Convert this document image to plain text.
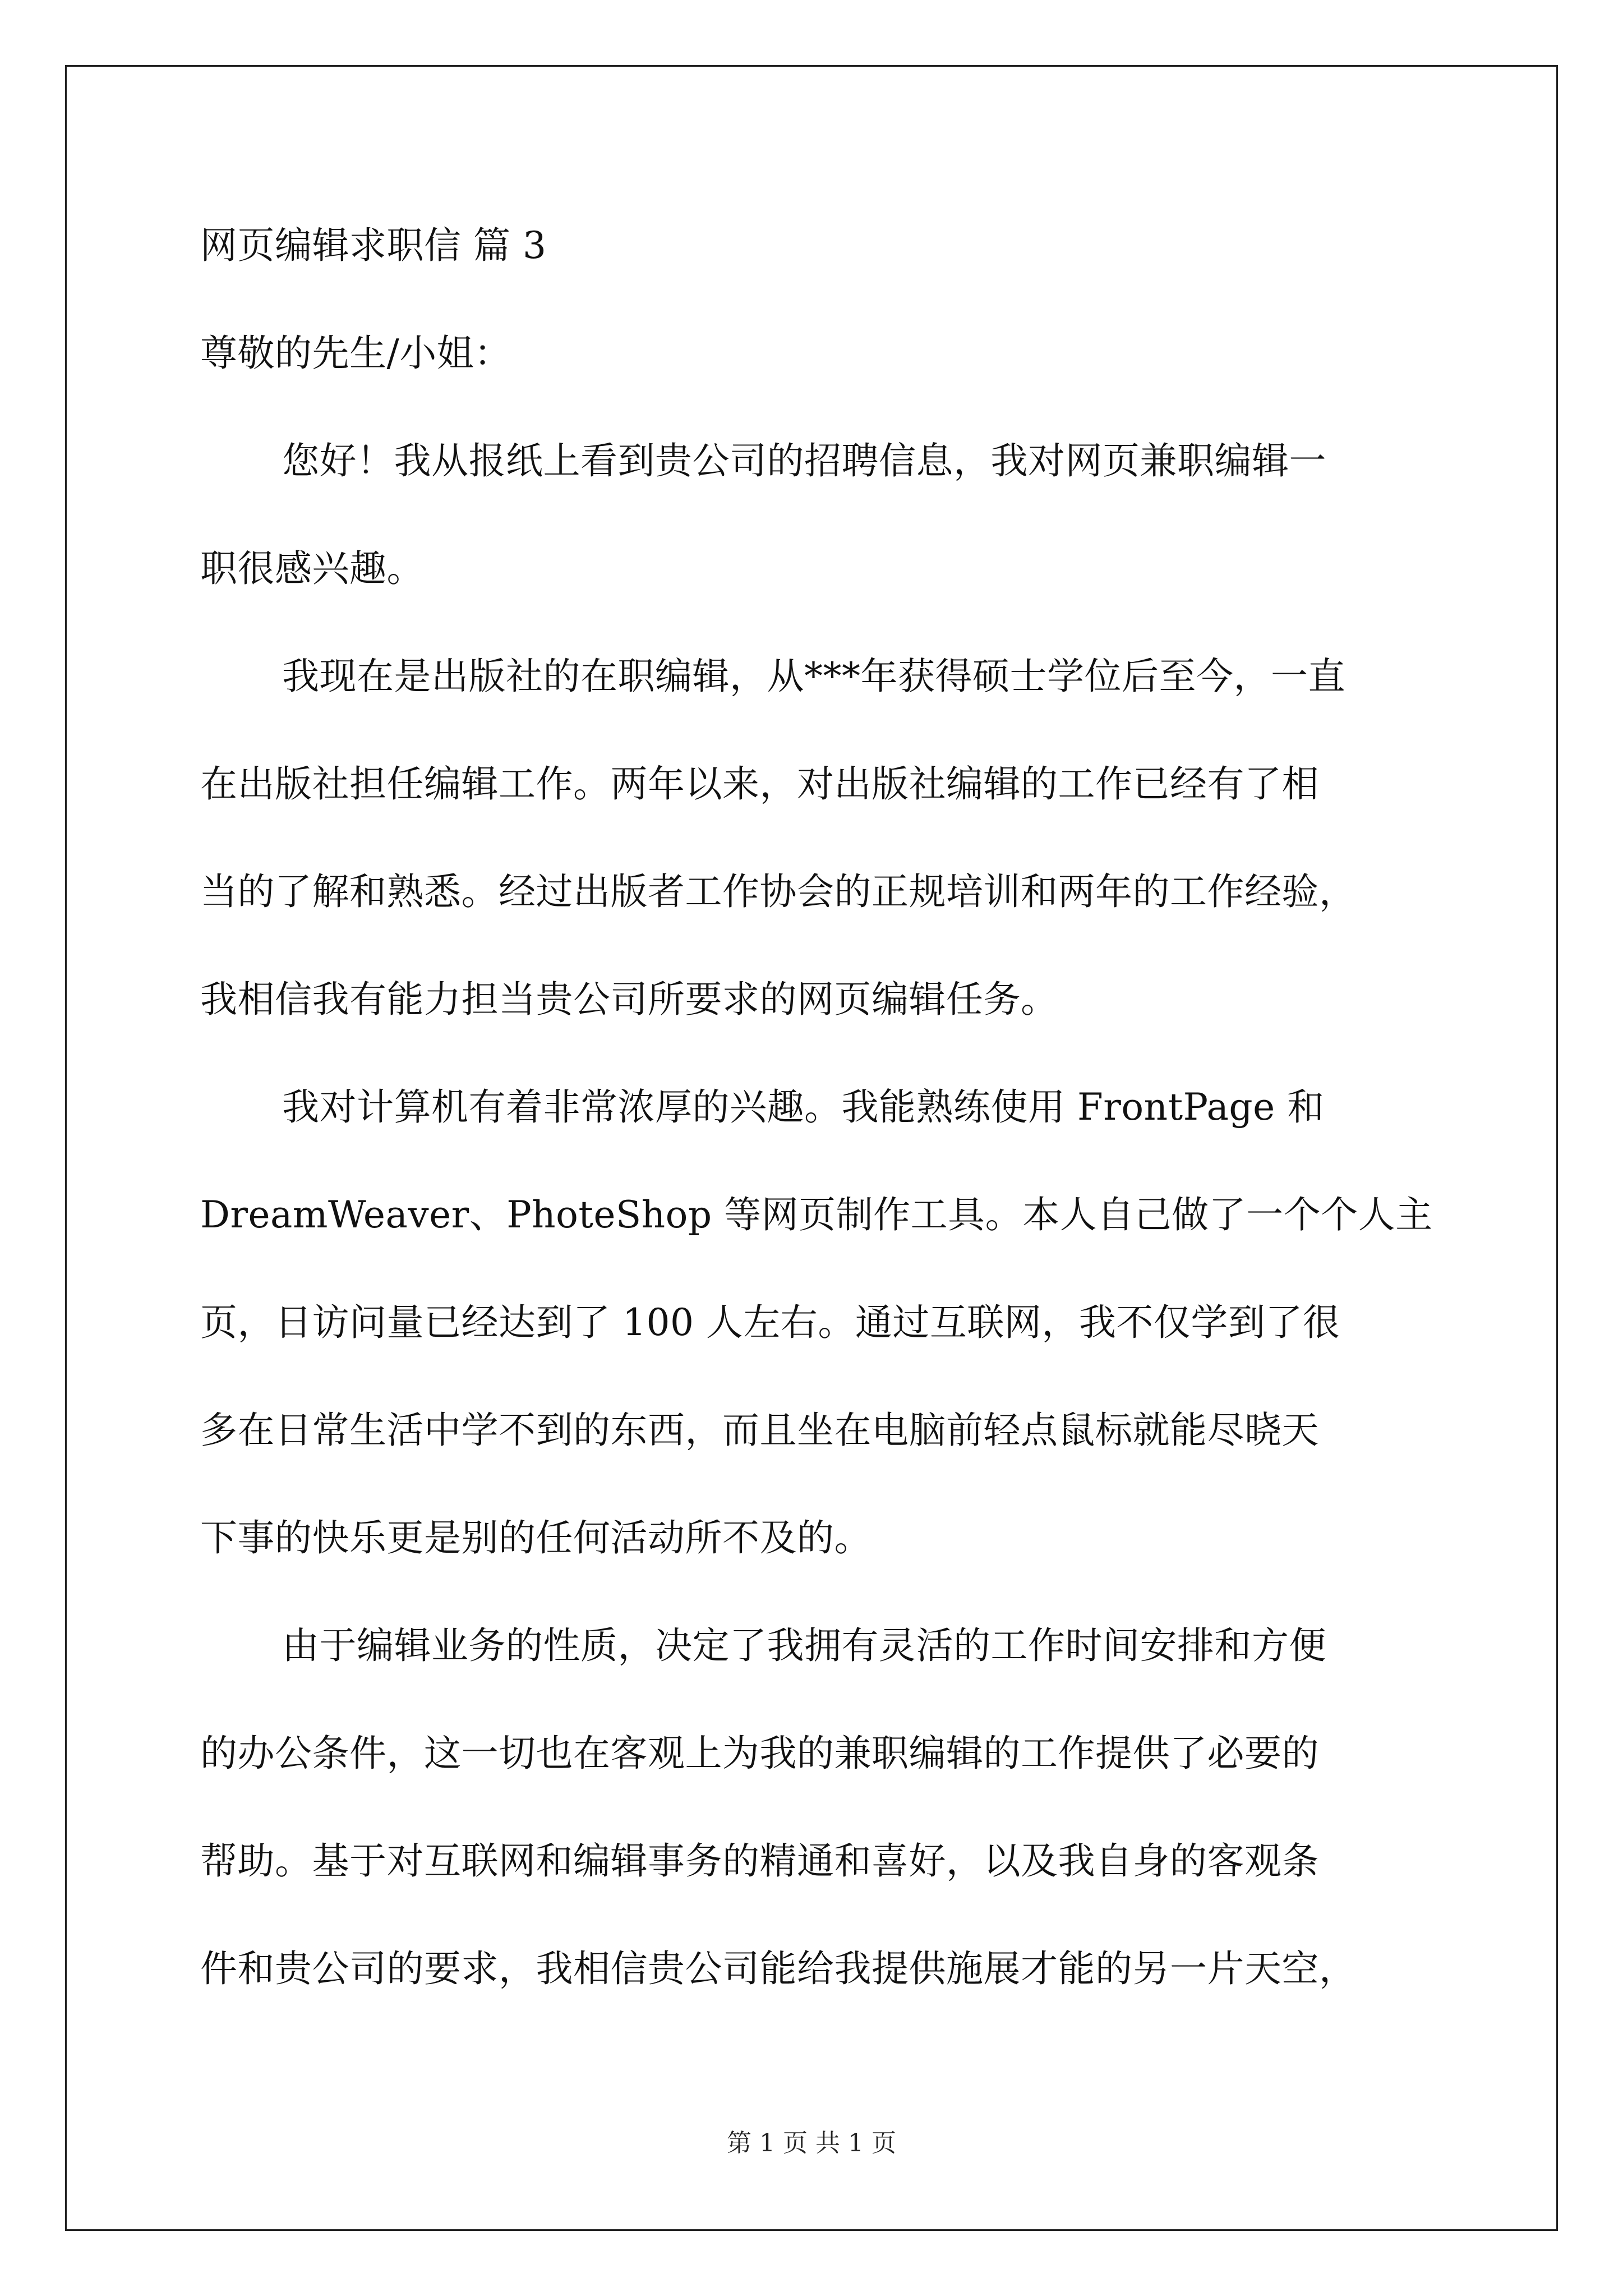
网页编辑求职信 篇 3

尊敬的先生/小姐：

您好！我从报纸上看到贵公司的招聘信息，我对网页兼职编辑一

职很感兴趣。

我现在是出版社的在职编辑，从***年获得硕士学位后至今，一直

在出版社担任编辑工作。两年以来，对出版社编辑的工作已经有了相

当的了解和熟悉。经过出版者工作协会的正规培训和两年的工作经验，

我相信我有能力担当贵公司所要求的网页编辑任务。

我对计算机有着非常浓厚的兴趣。我能熟练使用 FrontPage 和

DreamWeaver、PhoteShop 等网页制作工具。本人自己做了一个个人主

页，日访问量已经达到了 100 人左右。通过互联网，我不仅学到了很

多在日常生活中学不到的东西，而且坐在电脑前轻点鼠标就能尽晓天

下事的快乐更是别的任何活动所不及的。

由于编辑业务的性质，决定了我拥有灵活的工作时间安排和方便

的办公条件，这一切也在客观上为我的兼职编辑的工作提供了必要的

帮助。基于对互联网和编辑事务的精通和喜好，以及我自身的客观条

件和贵公司的要求，我相信贵公司能给我提供施展才能的另一片天空，

第 1 页 共 1 页
